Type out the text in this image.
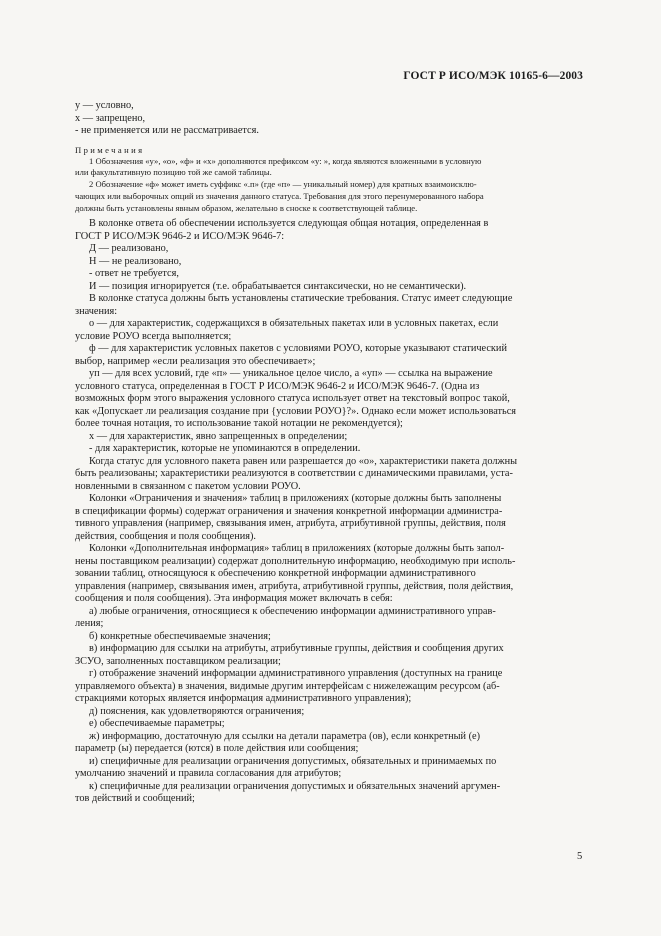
ГОСТ Р ИСО/МЭК 10165-6—2003
у — условно,
х — запрещено,
- не применяется или не рассматривается.
Примечания
1 Обозначения «у», «о», «ф» и «х» дополняются префиксом «у: », когда являются вложенными в условную
или факультативную позицию той же самой таблицы.
2 Обозначение «ф» может иметь суффикс «.п» (где «п» — уникальный номер) для кратных взаимоисклю-
чающих или выборочных опций из значения данного статуса. Требования для этого перенумерованного набора
должны быть установлены явным образом, желательно в сноске к соответствующей таблице.
В колонке ответа об обеспечении используется следующая общая нотация, определенная в
ГОСТ Р ИСО/МЭК 9646-2 и ИСО/МЭК 9646-7:
Д — реализовано,
Н — не реализовано,
- ответ не требуется,
И — позиция игнорируется (т.е. обрабатывается синтаксически, но не семантически).
В колонке статуса должны быть установлены статические требования. Статус имеет следующие
значения:
о — для характеристик, содержащихся в обязательных пакетах или в условных пакетах, если
условие РОУО всегда выполняется;
ф — для характеристик условных пакетов с условиями РОУО, которые указывают статический
выбор, например «если реализация это обеспечивает»;
уп — для всех условий, где «п» — уникальное целое число, а «уп» — ссылка на выражение
условного статуса, определенная в ГОСТ Р ИСО/МЭК 9646-2 и ИСО/МЭК 9646-7. (Одна из
возможных форм этого выражения условного статуса использует ответ на текстовый вопрос такой,
как «Допускает ли реализация создание при {условии РОУО}?». Однако если может использоваться
более точная нотация, то использование такой нотации не рекомендуется);
х — для характеристик, явно запрещенных в определении;
- для характеристик, которые не упоминаются в определении.
Когда статус для условного пакета равен или разрешается до «о», характеристики пакета должны
быть реализованы; характеристики реализуются в соответствии с динамическими правилами, уста-
новленными в связанном с пакетом условии РОУО.
Колонки «Ограничения и значения» таблиц в приложениях (которые должны быть заполнены
в спецификации формы) содержат ограничения и значения конкретной информации администра-
тивного управления (например, связывания имен, атрибута, атрибутивной группы, действия, поля
действия, сообщения и поля сообщения).
Колонки «Дополнительная информация» таблиц в приложениях (которые должны быть запол-
нены поставщиком реализации) содержат дополнительную информацию, необходимую при исполь-
зовании таблиц, относящуюся к обеспечению конкретной информации административного
управления (например, связывания имен, атрибута, атрибутивной группы, действия, поля действия,
сообщения и поля сообщения). Эта информация может включать в себя:
а) любые ограничения, относящиеся к обеспечению информации административного управ-
ления;
б) конкретные обеспечиваемые значения;
в) информацию для ссылки на атрибуты, атрибутивные группы, действия и сообщения других
ЗСУО, заполненных поставщиком реализации;
г) отображение значений информации административного управления (доступных на границе
управляемого объекта) в значения, видимые другим интерфейсам с нижележащим ресурсом (аб-
стракциями которых является информация административного управления);
д) пояснения, как удовлетворяются ограничения;
е) обеспечиваемые параметры;
ж) информацию, достаточную для ссылки на детали параметра (ов), если конкретный (е)
параметр (ы) передается (ются) в поле действия или сообщения;
и) специфичные для реализации ограничения допустимых, обязательных и принимаемых по
умолчанию значений и правила согласования для атрибутов;
к) специфичные для реализации ограничения допустимых и обязательных значений аргумен-
тов действий и сообщений;
5
